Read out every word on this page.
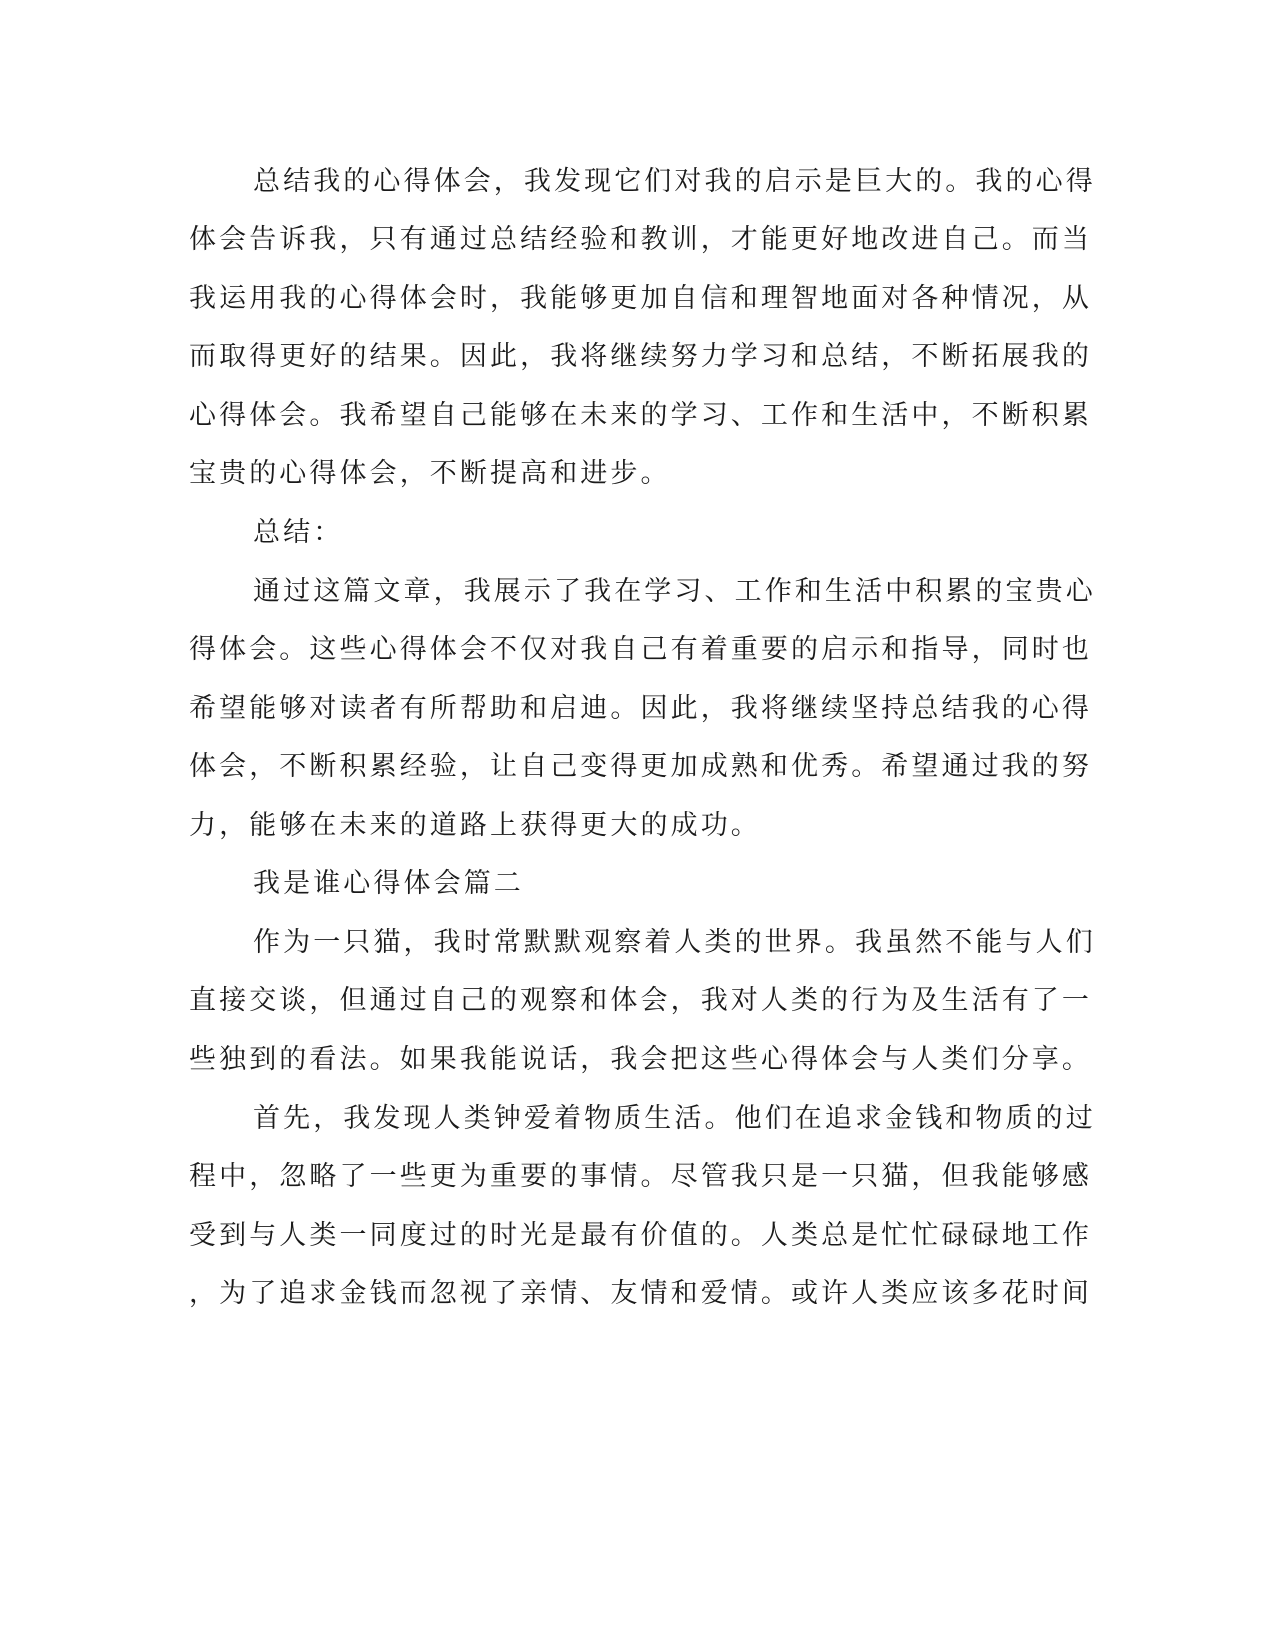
总结我的心得体会，我发现它们对我的启示是巨大的。我的心得
体会告诉我，只有通过总结经验和教训，才能更好地改进自己。而当
我运用我的心得体会时，我能够更加自信和理智地面对各种情况，从
而取得更好的结果。因此，我将继续努力学习和总结，不断拓展我的
心得体会。我希望自己能够在未来的学习、工作和生活中，不断积累
宝贵的心得体会，不断提高和进步。
总结：
通过这篇文章，我展示了我在学习、工作和生活中积累的宝贵心
得体会。这些心得体会不仅对我自己有着重要的启示和指导，同时也
希望能够对读者有所帮助和启迪。因此，我将继续坚持总结我的心得
体会，不断积累经验，让自己变得更加成熟和优秀。希望通过我的努
力，能够在未来的道路上获得更大的成功。
我是谁心得体会篇二
作为一只猫，我时常默默观察着人类的世界。我虽然不能与人们
直接交谈，但通过自己的观察和体会，我对人类的行为及生活有了一
些独到的看法。如果我能说话，我会把这些心得体会与人类们分享。
首先，我发现人类钟爱着物质生活。他们在追求金钱和物质的过
程中，忽略了一些更为重要的事情。尽管我只是一只猫，但我能够感
受到与人类一同度过的时光是最有价值的。人类总是忙忙碌碌地工作
，为了追求金钱而忽视了亲情、友情和爱情。或许人类应该多花时间
